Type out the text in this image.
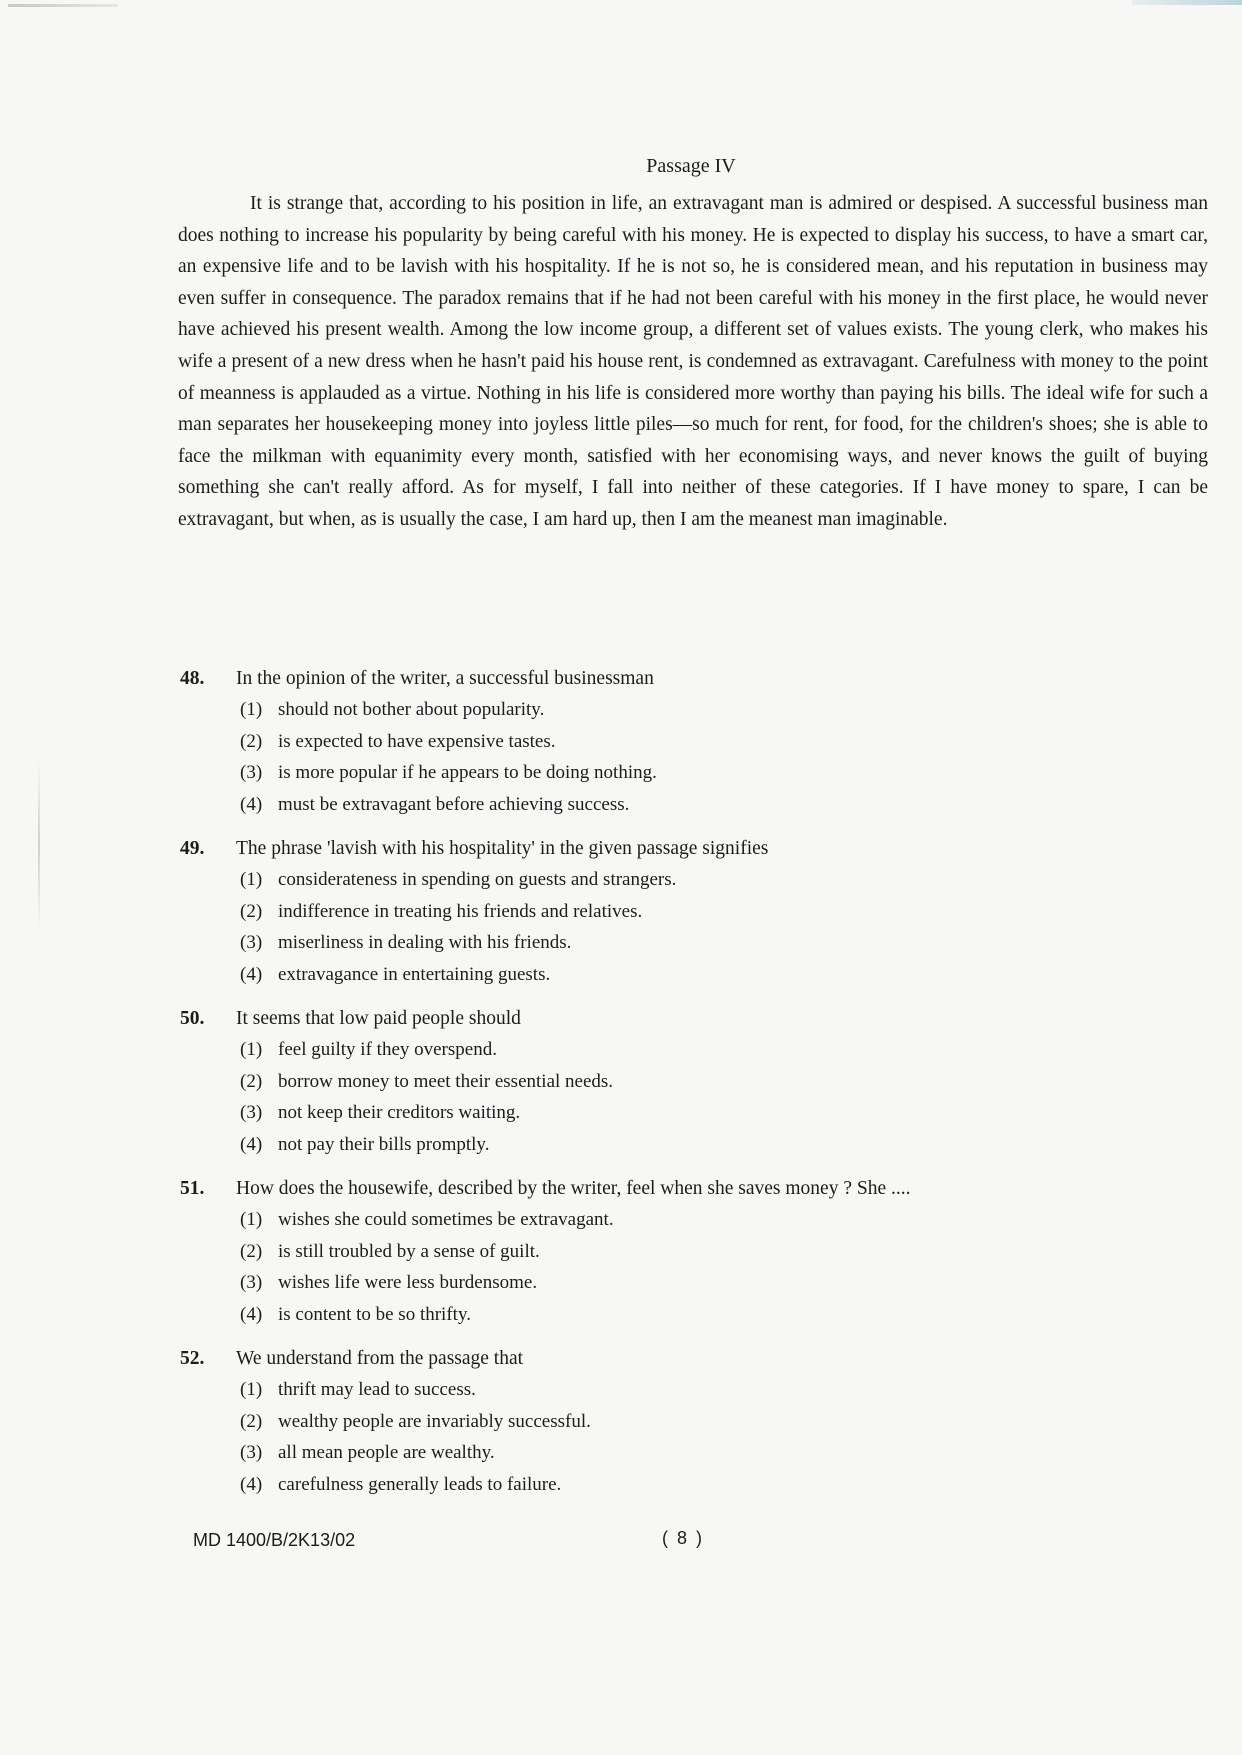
Passage IV

It is strange that, according to his position in life, an extravagant man is admired or despised. A successful business man does nothing to increase his popularity by being careful with his money. He is expected to display his success, to have a smart car, an expensive life and to be lavish with his hospitality. If he is not so, he is considered mean, and his reputation in business may even suffer in consequence. The paradox remains that if he had not been careful with his money in the first place, he would never have achieved his present wealth. Among the low income group, a different set of values exists. The young clerk, who makes his wife a present of a new dress when he hasn't paid his house rent, is condemned as extravagant. Carefulness with money to the point of meanness is applauded as a virtue. Nothing in his life is considered more worthy than paying his bills. The ideal wife for such a man separates her housekeeping money into joyless little piles—so much for rent, for food, for the children's shoes; she is able to face the milkman with equanimity every month, satisfied with her economising ways, and never knows the guilt of buying something she can't really afford. As for myself, I fall into neither of these categories. If I have money to spare, I can be extravagant, but when, as is usually the case, I am hard up, then I am the meanest man imaginable.

48.	In the opinion of the writer, a successful businessman
(1) should not bother about popularity.
(2) is expected to have expensive tastes.
(3) is more popular if he appears to be doing nothing.
(4) must be extravagant before achieving success.
49.	The phrase 'lavish with his hospitality' in the given passage signifies
(1) considerateness in spending on guests and strangers.
(2) indifference in treating his friends and relatives.
(3) miserliness in dealing with his friends.
(4) extravagance in entertaining guests.
50.	It seems that low paid people should
(1) feel guilty if they overspend.
(2) borrow money to meet their essential needs.
(3) not keep their creditors waiting.
(4) not pay their bills promptly.
51.	How does the housewife, described by the writer, feel when she saves money ? She ....
(1) wishes she could sometimes be extravagant.
(2) is still troubled by a sense of guilt.
(3) wishes life were less burdensome.
(4) is content to be so thrifty.
52.	We understand from the passage that
(1) thrift may lead to success.
(2) wealthy people are invariably successful.
(3) all mean people are wealthy.
(4) carefulness generally leads to failure.
MD 1400/B/2K13/02	( 8 )
